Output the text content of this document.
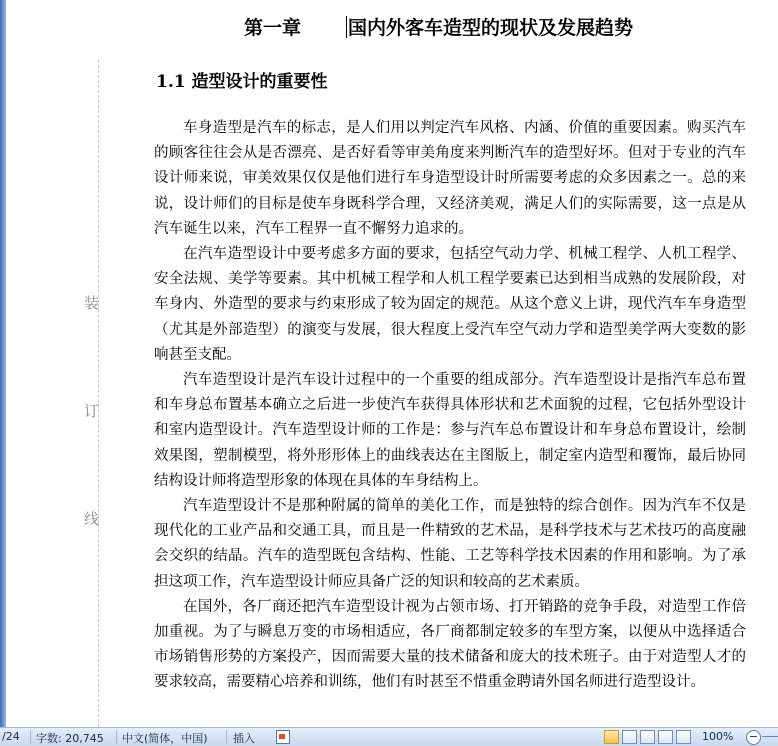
装
订
线
第一章 国内外客车造型的现状及发展趋势
1.1 造型设计的重要性

车身造型是汽车的标志，是人们用以判定汽车风格、内涵、价值的重要因素。购买汽车的顾客往往会从是否漂亮、是否好看等审美角度来判断汽车的造型好坏。但对于专业的汽车设计师来说，审美效果仅仅是他们进行车身造型设计时所需要考虑的众多因素之一。总的来说，设计师们的目标是使车身既科学合理，又经济美观，满足人们的实际需要，这一点是从汽车诞生以来，汽车工程界一直不懈努力追求的。

在汽车造型设计中要考虑多方面的要求，包括空气动力学、机械工程学、人机工程学、安全法规、美学等要素。其中机械工程学和人机工程学要素已达到相当成熟的发展阶段，对车身内、外造型的要求与约束形成了较为固定的规范。从这个意义上讲，现代汽车车身造型（尤其是外部造型）的演变与发展，很大程度上受汽车空气动力学和造型美学两大变数的影响甚至支配。

汽车造型设计是汽车设计过程中的一个重要的组成部分。汽车造型设计是指汽车总布置和车身总布置基本确立之后进一步使汽车获得具体形状和艺术面貌的过程，它包括外型设计和室内造型设计。汽车造型设计师的工作是：参与汽车总布置设计和车身总布置设计，绘制效果图，塑制模型，将外形形体上的曲线表达在主图版上，制定室内造型和覆饰，最后协同结构设计师将造型形象的体现在具体的车身结构上。

汽车造型设计不是那种附属的简单的美化工作，而是独特的综合创作。因为汽车不仅是现代化的工业产品和交通工具，而且是一件精致的艺术品，是科学技术与艺术技巧的高度融会交织的结晶。汽车的造型既包含结构、性能、工艺等科学技术因素的作用和影响。为了承担这项工作，汽车造型设计师应具备广泛的知识和较高的艺术素质。

在国外，各厂商还把汽车造型设计视为占领市场、打开销路的竞争手段，对造型工作倍加重视。为了与瞬息万变的市场相适应，各厂商都制定较多的车型方案，以便从中选择适合市场销售形势的方案投产，因而需要大量的技术储备和庞大的技术班子。由于对造型人才的要求较高，需要精心培养和训练，他们有时甚至不惜重金聘请外国名师进行造型设计。

/24 字数: 20,745 中文(简体，中国) 插入	100% −
